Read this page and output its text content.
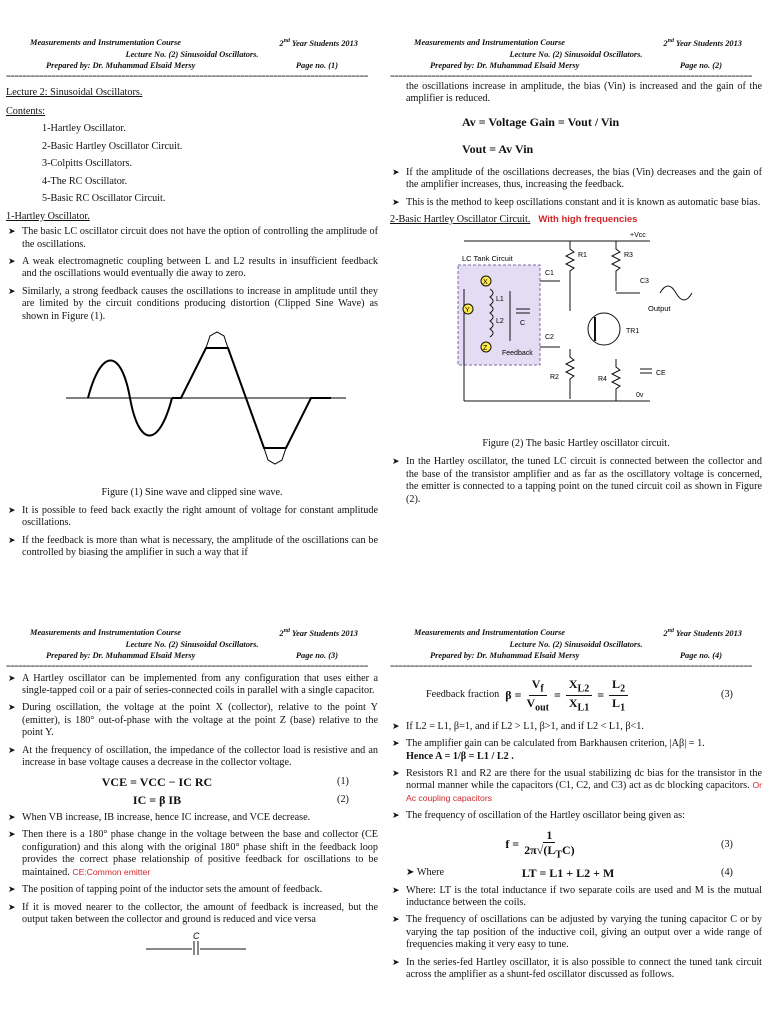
Measurements and Instrumentation Course	2nd Year Students 2013
Lecture No. (2) Sinusoidal Oscillators.
Prepared by: Dr. Muhammad Elsaid Mersy	Page no. (1)
========================================================================================
Lecture 2: Sinusoidal Oscillators.
Contents:
1-Hartley Oscillator.
2-Basic Hartley Oscillator Circuit.
3-Colpitts Oscillators.
4-The RC Oscillator.
5-Basic RC Oscillator Circuit.
1-Hartley Oscillator.
➤ The basic LC oscillator circuit does not have the option of controlling the amplitude of the oscillations.
➤ A weak electromagnetic coupling between L and L2 results in insufficient feedback and the oscillations would eventually die away to zero.
➤ Similarly, a strong feedback causes the oscillations to increase in amplitude until they are limited by the circuit conditions producing distortion (Clipped Sine Wave) as shown in Figure (1).
Figure (1) Sine wave and clipped sine wave.
➤ It is possible to feed back exactly the right amount of voltage for constant amplitude oscillations.
➤ If the feedback is more than what is necessary, the amplitude of the oscillations can be controlled by biasing the amplifier in such a way that if
Measurements and Instrumentation Course	2nd Year Students 2013
Lecture No. (2) Sinusoidal Oscillators.
Prepared by: Dr. Muhammad Elsaid Mersy	Page no. (2)
========================================================================================
the oscillations increase in amplitude, the bias (Vin) is increased and the gain of the amplifier is reduced.
Av = Voltage Gain = Vout / Vin
Vout = Av Vin
➤ If the amplitude of the oscillations decreases, the bias (Vin) decreases and the gain of the amplifier increases, thus, increasing the feedback.
➤ This is the method to keep oscillations constant and it is known as automatic base bias.
2-Basic Hartley Oscillator Circuit. With high frequencies
LC Tank Circuit
+Vcc
0v
X
Y
Z
L1
L2 C
Feedback
C1
C2
R1
R2
R3
R4
CE
TR1
C3
Output
Figure (2) The basic Hartley oscillator circuit.
➤ In the Hartley oscillator, the tuned LC circuit is connected between the collector and the base of the transistor amplifier and as far as the oscillatory voltage is concerned, the emitter is connected to a tapping point on the tuned circuit coil as shown in Figure (2).
Measurements and Instrumentation Course	2nd Year Students 2013
Lecture No. (2) Sinusoidal Oscillators.
Prepared by: Dr. Muhammad Elsaid Mersy	Page no. (3)
========================================================================================
➤ A Hartley oscillator can be implemented from any configuration that uses either a single-tapped coil or a pair of series-connected coils in parallel with a single capacitor.
➤ During oscillation, the voltage at the point X (collector), relative to the point Y (emitter), is 180° out-of-phase with the voltage at the point Z (base) relative to the point Y.
➤ At the frequency of oscillation, the impedance of the collector load is resistive and an increase in base voltage causes a decrease in the collector voltage.
VCE = VCC − IC RC	(1)
IC = β IB	(2)
➤ When VB increase, IB increase, hence IC increase, and VCE decrease.
➤ Then there is a 180° phase change in the voltage between the base and collector (CE configuration) and this along with the original 180° phase shift in the feedback loop provides the correct phase relationship of positive feedback for oscillations to be maintained. CE:Common emitter
➤ The position of tapping point of the inductor sets the amount of feedback.
➤ If it is moved nearer to the collector, the amount of feedback is increased, but the output taken between the collector and ground is reduced and vice versa
C
Measurements and Instrumentation Course	2nd Year Students 2013
Lecture No. (2) Sinusoidal Oscillators.
Prepared by: Dr. Muhammad Elsaid Mersy	Page no. (4)
========================================================================================
Feedback fraction $\beta = \frac{V_f}{V_{out}} = \frac{X_{L2}}{X_{L1}} = \frac{L_2}{L_1}$	(3)
➤ If L2 = L1, β=1, and if L2 > L1, β>1, and if L2 < L1, β<1.
➤ The amplifier gain can be calculated from Barkhausen criterion, |Aβ| = 1.
Hence A = 1/β = L1 / L2 .
➤ Resistors R1 and R2 are there for the usual stabilizing dc bias for the transistor in the normal manner while the capacitors (C1, C2, and C3) act as dc blocking capacitors. Or Ac coupling capacitors
➤ The frequency of oscillation of the Hartley oscillator being given as:
$f = \frac{1}{2\pi√(L_TC)}$	(3)
➤ Where	LT = L1 + L2 + M	(4)
➤ Where: LT is the total inductance if two separate coils are used and M is the mutual inductance between the coils.
➤ The frequency of oscillations can be adjusted by varying the tuning capacitor C or by varying the tap position of the inductive coil, giving an output over a wide range of frequencies making it very easy to tune.
➤ In the series-fed Hartley oscillator, it is also possible to connect the tuned tank circuit across the amplifier as a shunt-fed oscillator discussed as follows.
